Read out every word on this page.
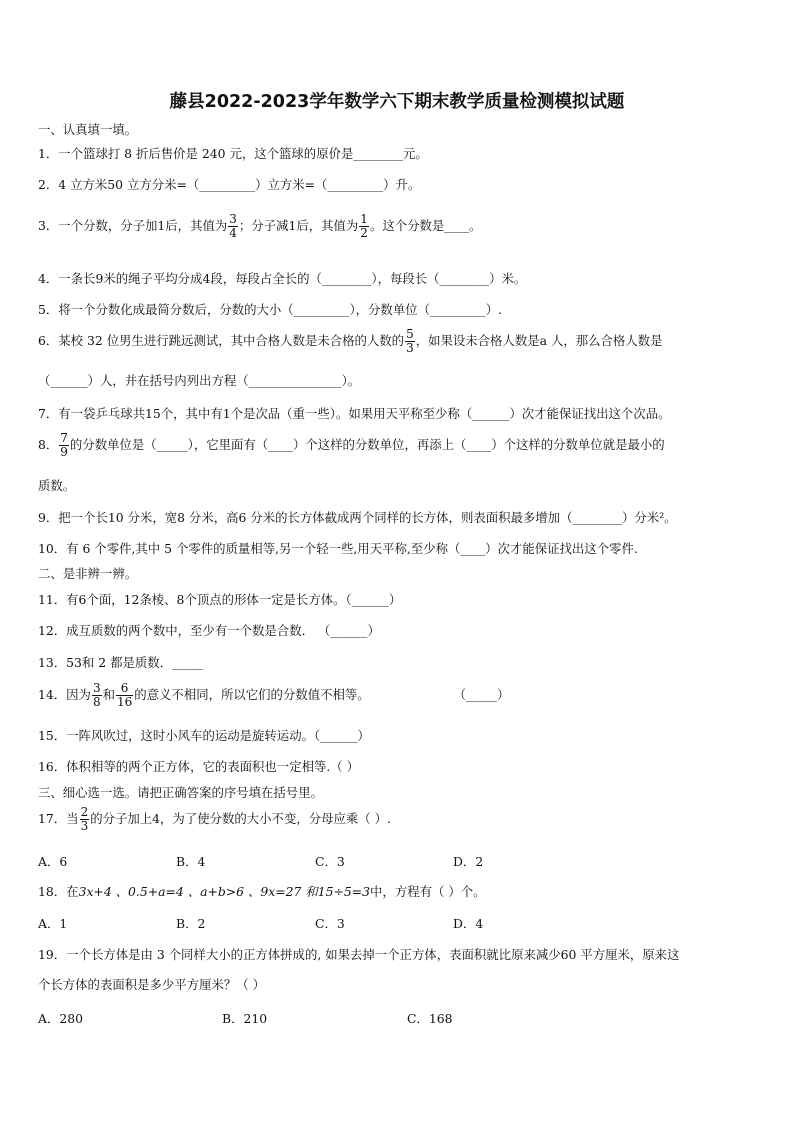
藤县2022-2023学年数学六下期末教学质量检测模拟试题
一、认真填一填。
1．一个篮球打 8 折后售价是 240 元，这个篮球的原价是________元。
2．4 立方米50 立方分米=（_________）立方米=（_________）升。
3．一个分数，分子加1后，其值为 $\frac{3}{4}$ ；分子减1后，其值为 $\frac{1}{2}$ 。这个分数是____。
4．一条长9米的绳子平均分成4段，每段占全长的（________），每段长（________）米。
5．将一个分数化成最简分数后，分数的大小（_________），分数单位（_________）.
6．某校 32 位男生进行跳远测试，其中合格人数是未合格的人数的 $\frac{5}{3}$ ，如果设未合格人数是a 人，那么合格人数是
（______）人，并在括号内列出方程（_______________）。
7．有一袋乒乓球共15个，其中有1个是次品（重一些）。如果用天平称至少称（______）次才能保证找出这个次品。
8． $\frac{7}{9}$ 的分数单位是（_____），它里面有（____）个这样的分数单位，再添上（____）个这样的分数单位就是最小的
质数。
9．把一个长10 分米，宽8 分米，高6 分米的长方体截成两个同样的长方体，则表面积最多增加（________）分米²。
10．有 6 个零件,其中 5 个零件的质量相等,另一个轻一些,用天平称,至少称（____）次才能保证找出这个零件.
二、是非辨一辨。
11．有6个面，12条棱、8个顶点的形体一定是长方体。（______）
12．成互质数的两个数中，至少有一个数是合数． （______）
13．53和 2 都是质数．_____
14．因为 $\frac{3}{8}$ 和 $\frac{6}{16}$ 的意义不相同，所以它们的分数值不相等。	（_____）
15．一阵风吹过，这时小风车的运动是旋转运动。（______）
16．体积相等的两个正方体，它的表面积也一定相等.（ ）
三、细心选一选。请把正确答案的序号填在括号里。
17．当 $\frac{2}{3}$ 的分子加上4，为了使分数的大小不变，分母应乘（ ）.
A．6	B．4	C．3	D．2
18．在3x+4 、0.5+a=4 、a+b>6 、9x=27 和15÷5=3中，方程有（ ）个。
A．1	B．2	C．3	D．4
19．一个长方体是由 3 个同样大小的正方体拼成的, 如果去掉一个正方体，表面积就比原来减少60 平方厘米，原来这
个长方体的表面积是多少平方厘米？（ ）
A．280	B．210	C．168
